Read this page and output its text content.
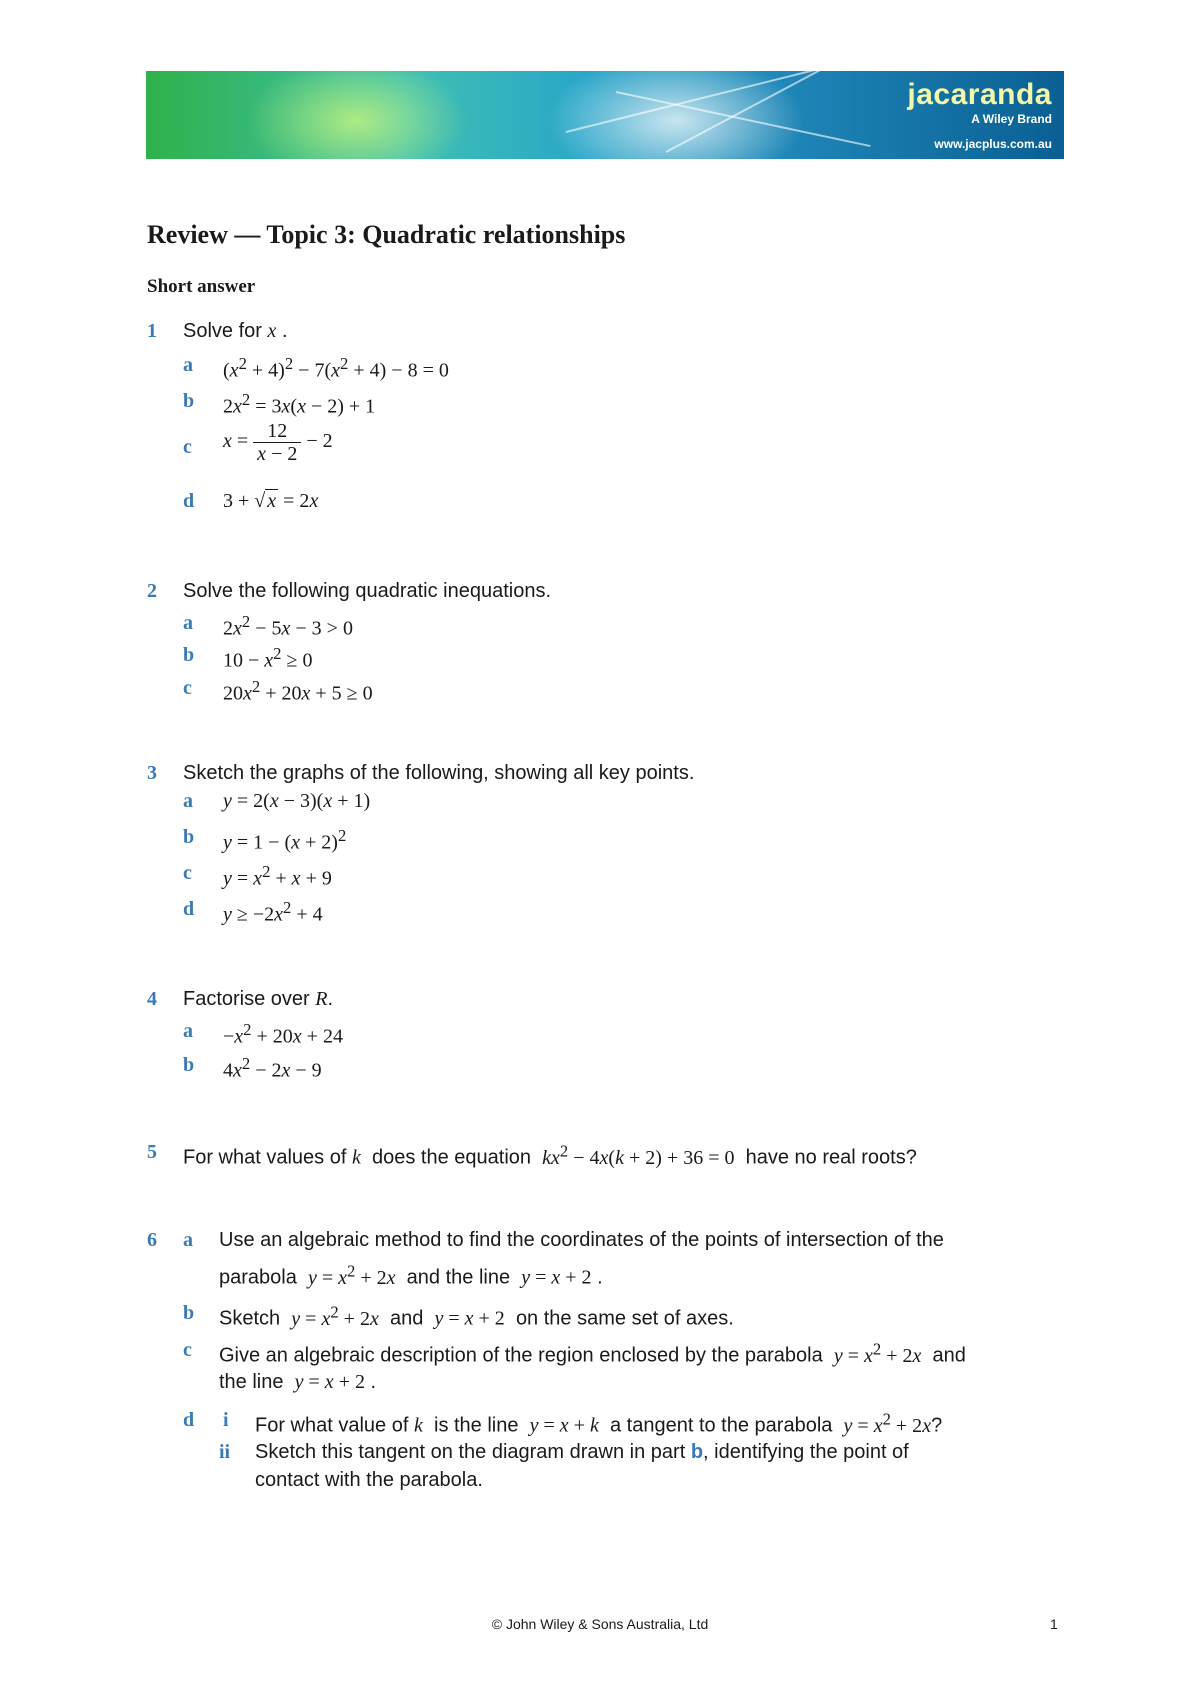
jacaranda
A Wiley Brand
www.jacplus.com.au
Review — Topic 3: Quadratic relationships
Short answer
1 Solve for x .
a $(x^2 + 4)^2 - 7(x^2 + 4) - 8 = 0$
b $2x^2 = 3x(x - 2) + 1$
c $x = \frac{12}{x - 2} - 2$
d 3 + √ x = 2x
2 Solve the following quadratic inequations.
a $2x^2 - 5x - 3 > 0$
b $10 - x^2 \ge 0$
c $20x^2 + 20x + 5 \ge 0$
3 Sketch the graphs of the following, showing all key points.
a y = 2(x − 3)(x + 1)
b $y = 1 - (x + 2)^2$
c $y = x^2 + x + 9$
d $y \ge -2x^2 + 4$
4 Factorise over R.
$a -x^2 + 20x + 24$
b $4x^2 - 2x - 9$
5 For what values of k does the equation $kx^2 - 4x(k + 2) + 36 = 0$ have no real roots?
6 a Use an algebraic method to find the coordinates of the points of intersection of the
parabola $y = x^2 + 2x$ and the line y = x + 2 .
b Sketch $y = x^2 + 2x$ and y = x + 2 on the same set of axes.
c Give an algebraic description of the region enclosed by the parabola $y = x^2 + 2x$ and
the line y = x + 2 .
d i For what value of k is the line y = x + k a tangent to the parabola $y = x^2 + 2x$?
ii Sketch this tangent on the diagram drawn in part b, identifying the point of
contact with the parabola.
© John Wiley & Sons Australia, Ltd	1
